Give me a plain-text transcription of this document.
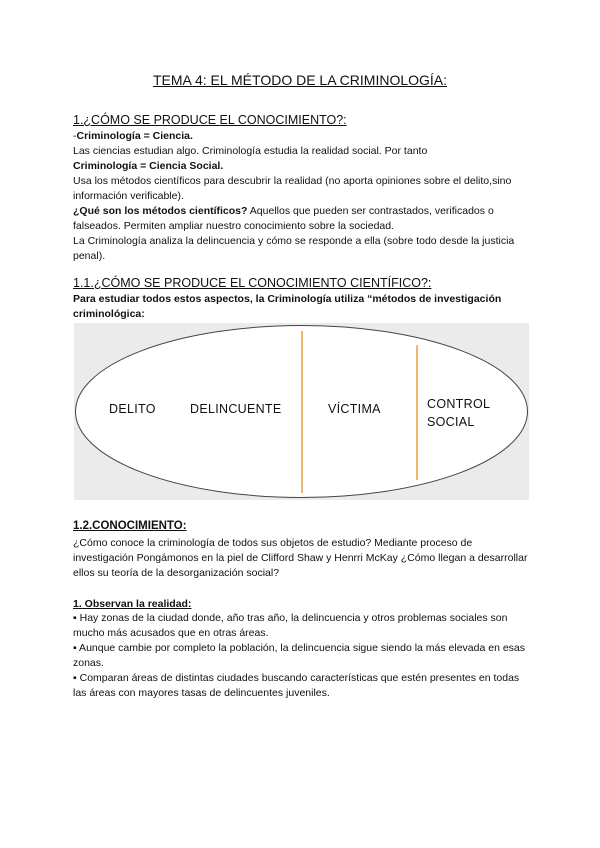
TEMA 4: EL MÉTODO DE LA CRIMINOLOGÍA:
1.¿CÓMO SE PRODUCE EL CONOCIMIENTO?:

-Criminología = Ciencia.

Las ciencias estudian algo. Criminología estudia la realidad social. Por tanto

Criminología = Ciencia Social.

Usa los métodos científicos para descubrir la realidad (no aporta opiniones sobre el delito,sino información verificable).

¿Qué son los métodos científicos? Aquellos que pueden ser contrastados, verificados o falseados. Permiten ampliar nuestro conocimiento sobre la sociedad.

La Criminología analiza la delincuencia y cómo se responde a ella (sobre todo desde la justicia penal).

1.1.¿CÓMO SE PRODUCE EL CONOCIMIENTO CIENTÍFICO?:
Para estudiar todos estos aspectos, la Criminología utiliza “métodos de investigación criminológica:
DELITO	DELINCUENTE	VÍCTIMA	CONTROL
SOCIAL
1.2.CONOCIMIENTO:
¿Cómo conoce la criminología de todos sus objetos de estudio? Mediante proceso de investigación Pongámonos en la piel de Clifford Shaw y Henrri McKay ¿Cómo llegan a desarrollar ellos su teoría de la desorganización social?
1. Observan la realidad:

▪ Hay zonas de la ciudad donde, año tras año, la delincuencia y otros problemas sociales son mucho más acusados que en otras áreas.

▪ Aunque cambie por completo la población, la delincuencia sigue siendo la más elevada en esas zonas.

▪ Comparan áreas de distintas ciudades buscando características que estén presentes en todas las áreas con mayores tasas de delincuentes juveniles.
